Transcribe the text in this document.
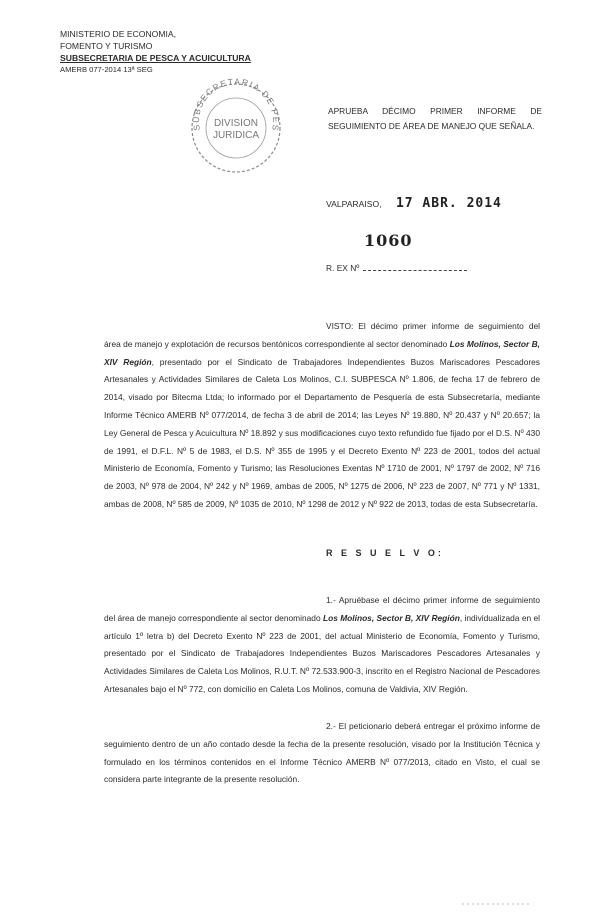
MINISTERIO DE ECONOMIA,
FOMENTO Y TURISMO
SUBSECRETARIA DE PESCA Y ACUICULTURA
AMERB 077-2014 13ª SEG
SUBSECRETARIA DE PES
DIVISION
JURIDICA
APRUEBA DÉCIMO PRIMER INFORME DE SEGUIMIENTO DE ÁREA DE MANEJO QUE SEÑALA.
VALPARAISO, 17 ABR. 2014
1060
R. EX Nº
VISTO: El décimo primer informe de seguimiento del área de manejo y explotación de recursos bentónicos correspondiente al sector denominado Los Molinos, Sector B, XIV Región, presentado por el Sindicato de Trabajadores Independientes Buzos Mariscadores Pescadores Artesanales y Actividades Similares de Caleta Los Molinos, C.I. SUBPESCA Nº 1.806, de fecha 17 de febrero de 2014, visado por Bitecma Ltda; lo informado por el Departamento de Pesquería de esta Subsecretaría, mediante Informe Técnico AMERB Nº 077/2014, de fecha 3 de abril de 2014; las Leyes Nº 19.880, Nº 20.437 y Nº 20.657; la Ley General de Pesca y Acuicultura Nº 18.892 y sus modificaciones cuyo texto refundido fue fijado por el D.S. Nº 430 de 1991, el D.F.L. Nº 5 de 1983, el D.S. Nº 355 de 1995 y el Decreto Exento Nº 223 de 2001, todos del actual Ministerio de Economía, Fomento y Turismo; las Resoluciones Exentas Nº 1710 de 2001, Nº 1797 de 2002, Nº 716 de 2003, Nº 978 de 2004, Nº 242 y Nº 1969, ambas de 2005, Nº 1275 de 2006, Nº 223 de 2007, Nº 771 y Nº 1331, ambas de 2008, Nº 585 de 2009, Nº 1035 de 2010, Nº 1298 de 2012 y Nº 922 de 2013, todas de esta Subsecretaría.
R E S U E L V O:
1.- Apruébase el décimo primer informe de seguimiento del área de manejo correspondiente al sector denominado Los Molinos, Sector B, XIV Región, individualizada en el artículo 1º letra b) del Decreto Exento Nº 223 de 2001, del actual Ministerio de Economía, Fomento y Turismo, presentado por el Sindicato de Trabajadores Independientes Buzos Mariscadores Pescadores Artesanales y Actividades Similares de Caleta Los Molinos, R.U.T. Nº 72.533.900-3, inscrito en el Registro Nacional de Pescadores Artesanales bajo el Nº 772, con domicilio en Caleta Los Molinos, comuna de Valdivia, XIV Región.
2.- El peticionario deberá entregar el próximo informe de seguimiento dentro de un año contado desde la fecha de la presente resolución, visado por la Institución Técnica y formulado en los términos contenidos en el Informe Técnico AMERB Nº 077/2013, citado en Visto, el cual se considera parte integrante de la presente resolución.
